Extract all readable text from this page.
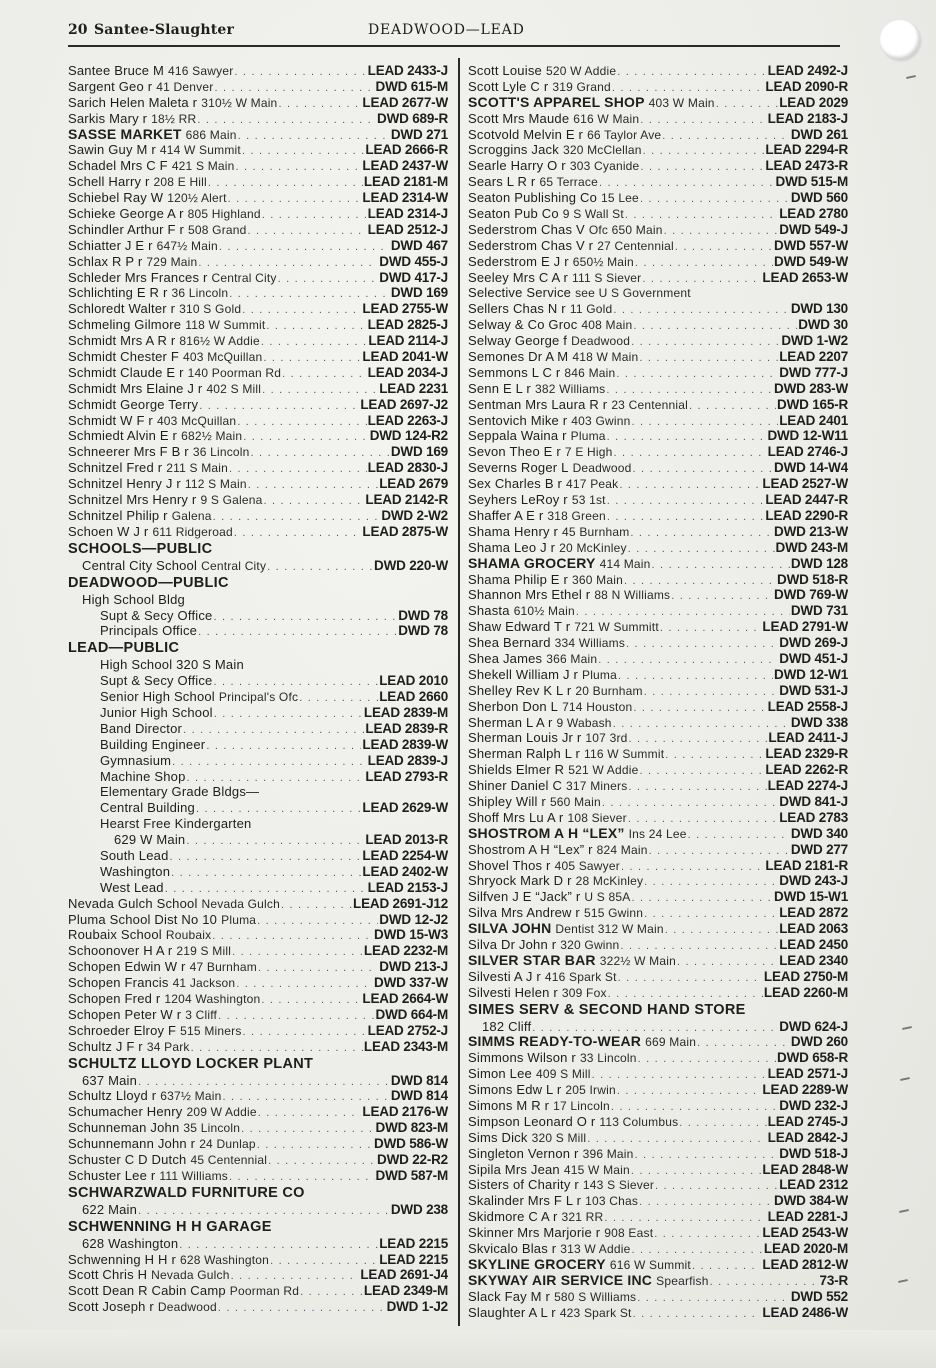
20 Santee-Slaughter	DEADWOOD—LEAD
Santee Bruce M 416 Sawyer . . .	LEAD 2433-J
Sargent Geo r 41 Denver . . .	DWD 615-M
Sarich Helen Maleta r 310½ W Main . . .	LEAD 2677-W
Sarkis Mary r 18½ RR . . .	DWD 689-R
SASSE MARKET 686 Main . . .	DWD 271
Sawin Guy M r 414 W Summit . . .	LEAD 2666-R
Schadel Mrs C F 421 S Main . . .	LEAD 2437-W
Schell Harry r 208 E Hill . . .	LEAD 2181-M
Schiebel Ray W 120½ Alert . . .	LEAD 2314-W
Schieke George A r 805 Highland . . .	LEAD 2314-J
Schindler Arthur F r 508 Grand . . .	LEAD 2512-J
Schiatter J E r 647½ Main . . .	DWD 467
Schlax R P r 729 Main . . .	DWD 455-J
Schleder Mrs Frances r Central City . . .	DWD 417-J
Schlichting E R r 36 Lincoln . . .	DWD 169
Schloredt Walter r 310 S Gold . . .	LEAD 2755-W
Schmeling Gilmore 118 W Summit . . .	LEAD 2825-J
Schmidt Mrs A R r 816½ W Addie . . .	LEAD 2114-J
Schmidt Chester F 403 McQuillan . . .	LEAD 2041-W
Schmidt Claude E r 140 Poorman Rd . . .	LEAD 2034-J
Schmidt Mrs Elaine J r 402 S Mill . . .	LEAD 2231
Schmidt George Terry . . .	LEAD 2697-J2
Schmidt W F r 403 McQuillan . . .	LEAD 2263-J
Schmiedt Alvin E r 682½ Main . . .	DWD 124-R2
Schneerer Mrs F B r 36 Lincoln . . .	DWD 169
Schnitzel Fred r 211 S Main . . .	LEAD 2830-J
Schnitzel Henry J r 112 S Main . . .	LEAD 2679
Schnitzel Mrs Henry r 9 S Galena . . .	LEAD 2142-R
Schnitzel Philip r Galena . . .	DWD 2-W2
Schoen W J r 611 Ridgeroad . . .	LEAD 2875-W
SCHOOLS—PUBLIC
Central City School Central City . . .	DWD 220-W
DEADWOOD—PUBLIC
High School Bldg
Supt & Secy Office . . .	DWD 78
Principals Office . . .	DWD 78
LEAD—PUBLIC
High School 320 S Main
Supt & Secy Office . . .	LEAD 2010
Senior High School Principal's Ofc . . .	LEAD 2660
Junior High School . . .	LEAD 2839-M
Band Director . . .	LEAD 2839-R
Building Engineer . . .	LEAD 2839-W
Gymnasium . . .	LEAD 2839-J
Machine Shop . . .	LEAD 2793-R
Elementary Grade Bldgs—
Central Building . . .	LEAD 2629-W
Hearst Free Kindergarten
629 W Main . . .	LEAD 2013-R
South Lead . . .	LEAD 2254-W
Washington . . .	LEAD 2402-W
West Lead . . .	LEAD 2153-J
Nevada Gulch School Nevada Gulch . . .	LEAD 2691-J12
Pluma School Dist No 10 Pluma . . .	DWD 12-J2
Roubaix School Roubaix . . .	DWD 15-W3
Schoonover H A r 219 S Mill . . .	LEAD 2232-M
Schopen Edwin W r 47 Burnham . . .	DWD 213-J
Schopen Francis 41 Jackson . . .	DWD 337-W
Schopen Fred r 1204 Washington . . .	LEAD 2664-W
Schopen Peter W r 3 Cliff . . .	DWD 664-M
Schroeder Elroy F 515 Miners . . .	LEAD 2752-J
Schultz J F r 34 Park . . .	LEAD 2343-M
SCHULTZ LLOYD LOCKER PLANT
637 Main . . .	DWD 814
Schultz Lloyd r 637½ Main . . .	DWD 814
Schumacher Henry 209 W Addie . . .	LEAD 2176-W
Schunneman John 35 Lincoln . . .	DWD 823-M
Schunnemann John r 24 Dunlap . . .	DWD 586-W
Schuster C D Dutch 45 Centennial . . .	DWD 22-R2
Schuster Lee r 111 Williams . . .	DWD 587-M
SCHWARZWALD FURNITURE CO
622 Main . . .	DWD 238
SCHWENNING H H GARAGE
628 Washington . . .	LEAD 2215
Schwenning H H r 628 Washington . . .	LEAD 2215
Scott Chris H Nevada Gulch . . .	LEAD 2691-J4
Scott Dean R Cabin Camp Poorman Rd . . .	LEAD 2349-M
Scott Joseph r Deadwood . . .	DWD 1-J2
Scott Louise 520 W Addie . . .	LEAD 2492-J
Scott Lyle C r 319 Grand . . .	LEAD 2090-R
SCOTT'S APPAREL SHOP 403 W Main . . .	LEAD 2029
Scott Mrs Maude 616 W Main . . .	LEAD 2183-J
Scotvold Melvin E r 66 Taylor Ave . . .	DWD 261
Scroggins Jack 320 McClellan . . .	LEAD 2294-R
Searle Harry O r 303 Cyanide . . .	LEAD 2473-R
Sears L R r 65 Terrace . . .	DWD 515-M
Seaton Publishing Co 15 Lee . . .	DWD 560
Seaton Pub Co 9 S Wall St . . .	LEAD 2780
Sederstrom Chas V Ofc 650 Main . . .	DWD 549-J
Sederstrom Chas V r 27 Centennial . . .	DWD 557-W
Sederstrom E J r 650½ Main . . .	DWD 549-W
Seeley Mrs C A r 111 S Siever . . .	LEAD 2653-W
Selective Service see U S Government
Sellers Chas N r 11 Gold . . .	DWD 130
Selway & Co Groc 408 Main . . .	DWD 30
Selway George f Deadwood . . .	DWD 1-W2
Semones Dr A M 418 W Main . . .	LEAD 2207
Semmons L C r 846 Main . . .	DWD 777-J
Senn E L r 382 Williams . . .	DWD 283-W
Sentman Mrs Laura R r 23 Centennial . . .	DWD 165-R
Sentovich Mike r 403 Gwinn . . .	LEAD 2401
Seppala Waina r Pluma . . .	DWD 12-W11
Sevon Theo E r 7 E High . . .	LEAD 2746-J
Severns Roger L Deadwood . . .	DWD 14-W4
Sex Charles B r 417 Peak . . .	LEAD 2527-W
Seyhers LeRoy r 53 1st . . .	LEAD 2447-R
Shaffer A E r 318 Green . . .	LEAD 2290-R
Shama Henry r 45 Burnham . . .	DWD 213-W
Shama Leo J r 20 McKinley . . .	DWD 243-M
SHAMA GROCERY 414 Main . . .	DWD 128
Shama Philip E r 360 Main . . .	DWD 518-R
Shannon Mrs Ethel r 88 N Williams . . .	DWD 769-W
Shasta 610½ Main . . .	DWD 731
Shaw Edward T r 721 W Summitt . . .	LEAD 2791-W
Shea Bernard 334 Williams . . .	DWD 269-J
Shea James 366 Main . . .	DWD 451-J
Shekell William J r Pluma . . .	DWD 12-W1
Shelley Rev K L r 20 Burnham . . .	DWD 531-J
Sherbon Don L 714 Houston . . .	LEAD 2558-J
Sherman L A r 9 Wabash . . .	DWD 338
Sherman Louis Jr r 107 3rd . . .	LEAD 2411-J
Sherman Ralph L r 116 W Summit . . .	LEAD 2329-R
Shields Elmer R 521 W Addie . . .	LEAD 2262-R
Shiner Daniel C 317 Miners . . .	LEAD 2274-J
Shipley Will r 560 Main . . .	DWD 841-J
Shoff Mrs Lu A r 108 Siever . . .	LEAD 2783
SHOSTROM A H “LEX” Ins 24 Lee . . .	DWD 340
Shostrom A H “Lex” r 824 Main . . .	DWD 277
Shovel Thos r 405 Sawyer . . .	LEAD 2181-R
Shryock Mark D r 28 McKinley . . .	DWD 243-J
Silfven J E “Jack” r U S 85A . . .	DWD 15-W1
Silva Mrs Andrew r 515 Gwinn . . .	LEAD 2872
SILVA JOHN Dentist 312 W Main . . .	LEAD 2063
Silva Dr John r 320 Gwinn . . .	LEAD 2450
SILVER STAR BAR 322½ W Main . . .	LEAD 2340
Silvesti A J r 416 Spark St . . .	LEAD 2750-M
Silvesti Helen r 309 Fox . . .	LEAD 2260-M
SIMES SERV & SECOND HAND STORE
182 Cliff . . .	DWD 624-J
SIMMS READY-TO-WEAR 669 Main . . .	DWD 260
Simmons Wilson r 33 Lincoln . . .	DWD 658-R
Simon Lee 409 S Mill . . .	LEAD 2571-J
Simons Edw L r 205 Irwin . . .	LEAD 2289-W
Simons M R r 17 Lincoln . . .	DWD 232-J
Simpson Leonard O r 113 Columbus . . .	LEAD 2745-J
Sims Dick 320 S Mill . . .	LEAD 2842-J
Singleton Vernon r 396 Main . . .	DWD 518-J
Sipila Mrs Jean 415 W Main . . .	LEAD 2848-W
Sisters of Charity r 143 S Siever . . .	LEAD 2312
Skalinder Mrs F L r 103 Chas . . .	DWD 384-W
Skidmore C A r 321 RR . . .	LEAD 2281-J
Skinner Mrs Marjorie r 908 East . . .	LEAD 2543-W
Skvicalo Blas r 313 W Addie . . .	LEAD 2020-M
SKYLINE GROCERY 616 W Summit . . .	LEAD 2812-W
SKYWAY AIR SERVICE INC Spearfish . . .	73-R
Slack Fay M r 580 S Williams . . .	DWD 552
Slaughter A L r 423 Spark St . . .	LEAD 2486-W
